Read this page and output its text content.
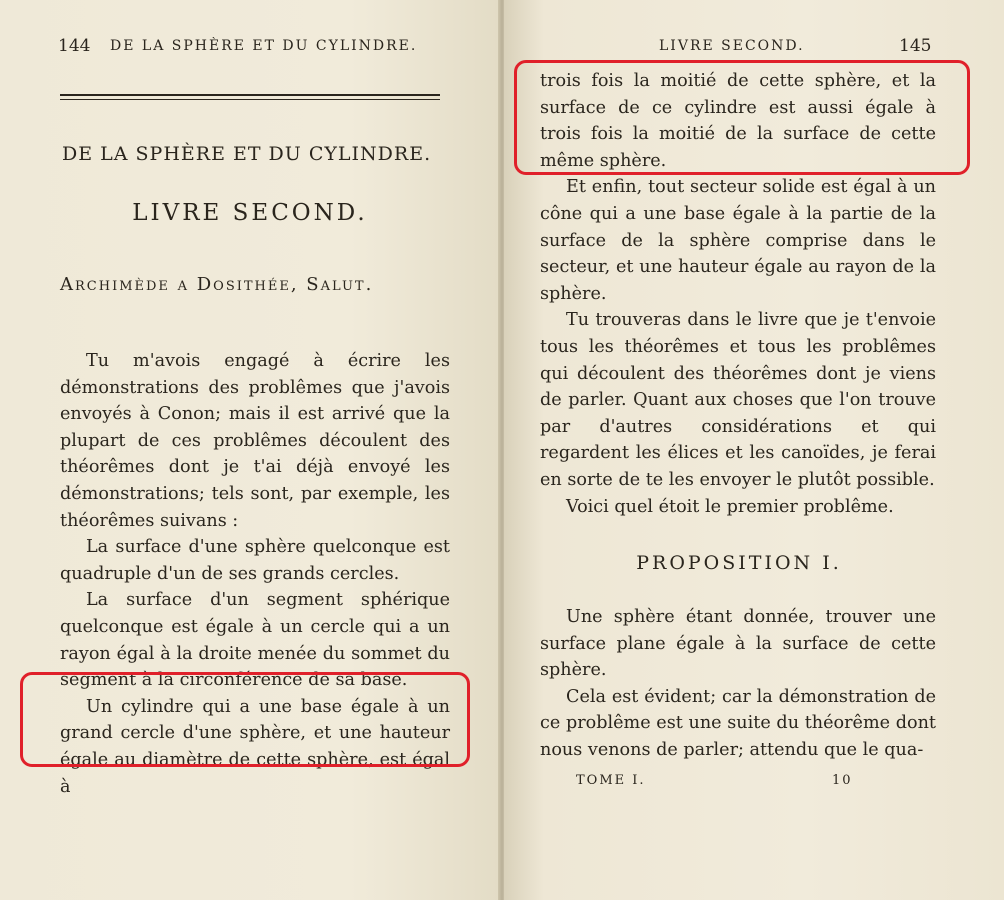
144 DE LA SPHÈRE ET DU CYLINDRE.
DE LA SPHÈRE ET DU CYLINDRE.
LIVRE SECOND.
Archimède a Dosithée, Salut.

Tu m'avois engagé à écrire les démonstrations des problêmes que j'avois envoyés à Conon; mais il est arrivé que la plupart de ces problêmes découlent des théorêmes dont je t'ai déjà envoyé les démonstrations; tels sont, par exemple, les théorêmes suivans :

La surface d'une sphère quelconque est quadruple d'un de ses grands cercles.

La surface d'un segment sphérique quelconque est égale à un cercle qui a un rayon égal à la droite menée du sommet du segment à la circonférence de sa base.

Un cylindre qui a une base égale à un grand cercle d'une sphère, et une hauteur égale au diamètre de cette sphère, est égal à

LIVRE SECOND.	145

trois fois la moitié de cette sphère, et la surface de ce cylindre est aussi égale à trois fois la moitié de la surface de cette même sphère.

Et enfin, tout secteur solide est égal à un cône qui a une base égale à la partie de la surface de la sphère comprise dans le secteur, et une hauteur égale au rayon de la sphère.

Tu trouveras dans le livre que je t'envoie tous les théorêmes et tous les problêmes qui découlent des théorêmes dont je viens de parler. Quant aux choses que l'on trouve par d'autres considérations et qui regardent les élices et les canoïdes, je ferai en sorte de te les envoyer le plutôt possible.

Voici quel étoit le premier problême.

Une sphère étant donnée, trouver une surface plane égale à la surface de cette sphère.

Cela est évident; car la démonstration de ce problême est une suite du théorême dont nous venons de parler; attendu que le qua-

TOME I.	10
PROPOSITION I.
